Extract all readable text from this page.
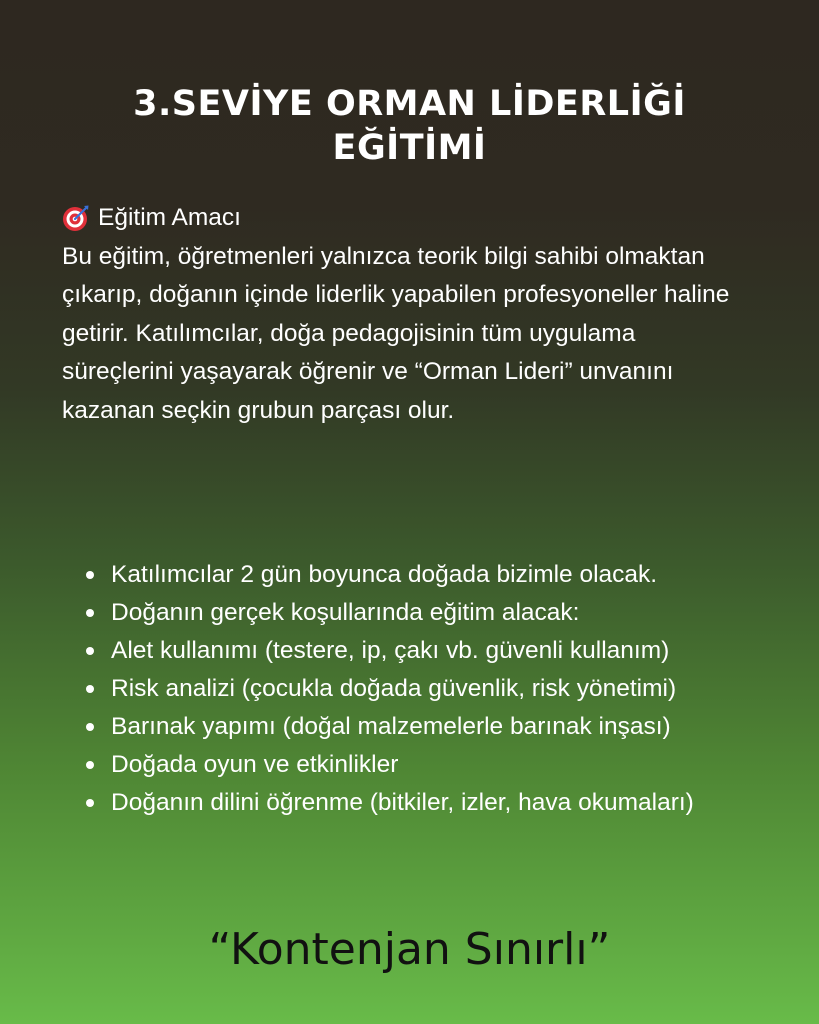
3.SEVİYE ORMAN LİDERLİĞİ
EĞİTİMİ
Eğitim Amacı
Bu eğitim, öğretmenleri yalnızca teorik bilgi sahibi olmaktan çıkarıp, doğanın içinde liderlik yapabilen profesyoneller haline getirir. Katılımcılar, doğa pedagojisinin tüm uygulama süreçlerini yaşayarak öğrenir ve “Orman Lideri” unvanını kazanan seçkin grubun parçası olur.
Katılımcılar 2 gün boyunca doğada bizimle olacak.
Doğanın gerçek koşullarında eğitim alacak:
Alet kullanımı (testere, ip, çakı vb. güvenli kullanım)
Risk analizi (çocukla doğada güvenlik, risk yönetimi)
Barınak yapımı (doğal malzemelerle barınak inşası)
Doğada oyun ve etkinlikler
Doğanın dilini öğrenme (bitkiler, izler, hava okumaları)
“Kontenjan Sınırlı”
